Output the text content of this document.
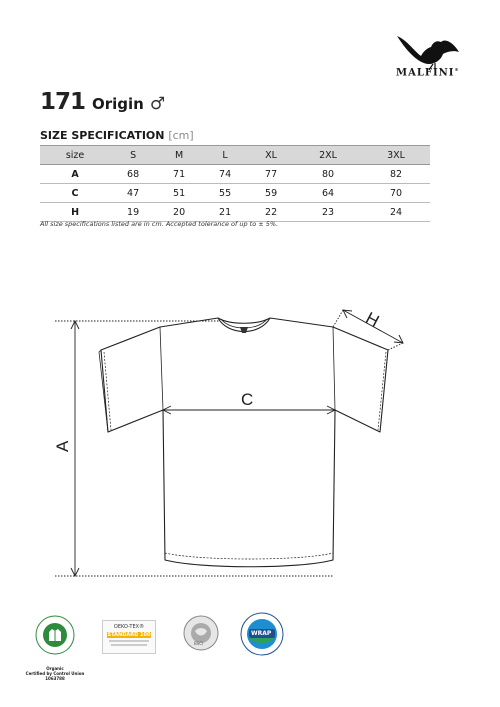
MALFINI®
171 Origin ♂
SIZE SPECIFICATION [cm]
size	S	M	L	XL	2XL	3XL
A	68	71	74	77	80	82
C	47	51	55	59	64	70
H	19	20	21	22	23	24
All size specifications listed are in cm. Accepted tolerance of up to ± 5%.
A
C
H
Organic
Certified by Control Union
1063788
OEKO-TEX®
STANDARD 100
BSCI
WRAP
